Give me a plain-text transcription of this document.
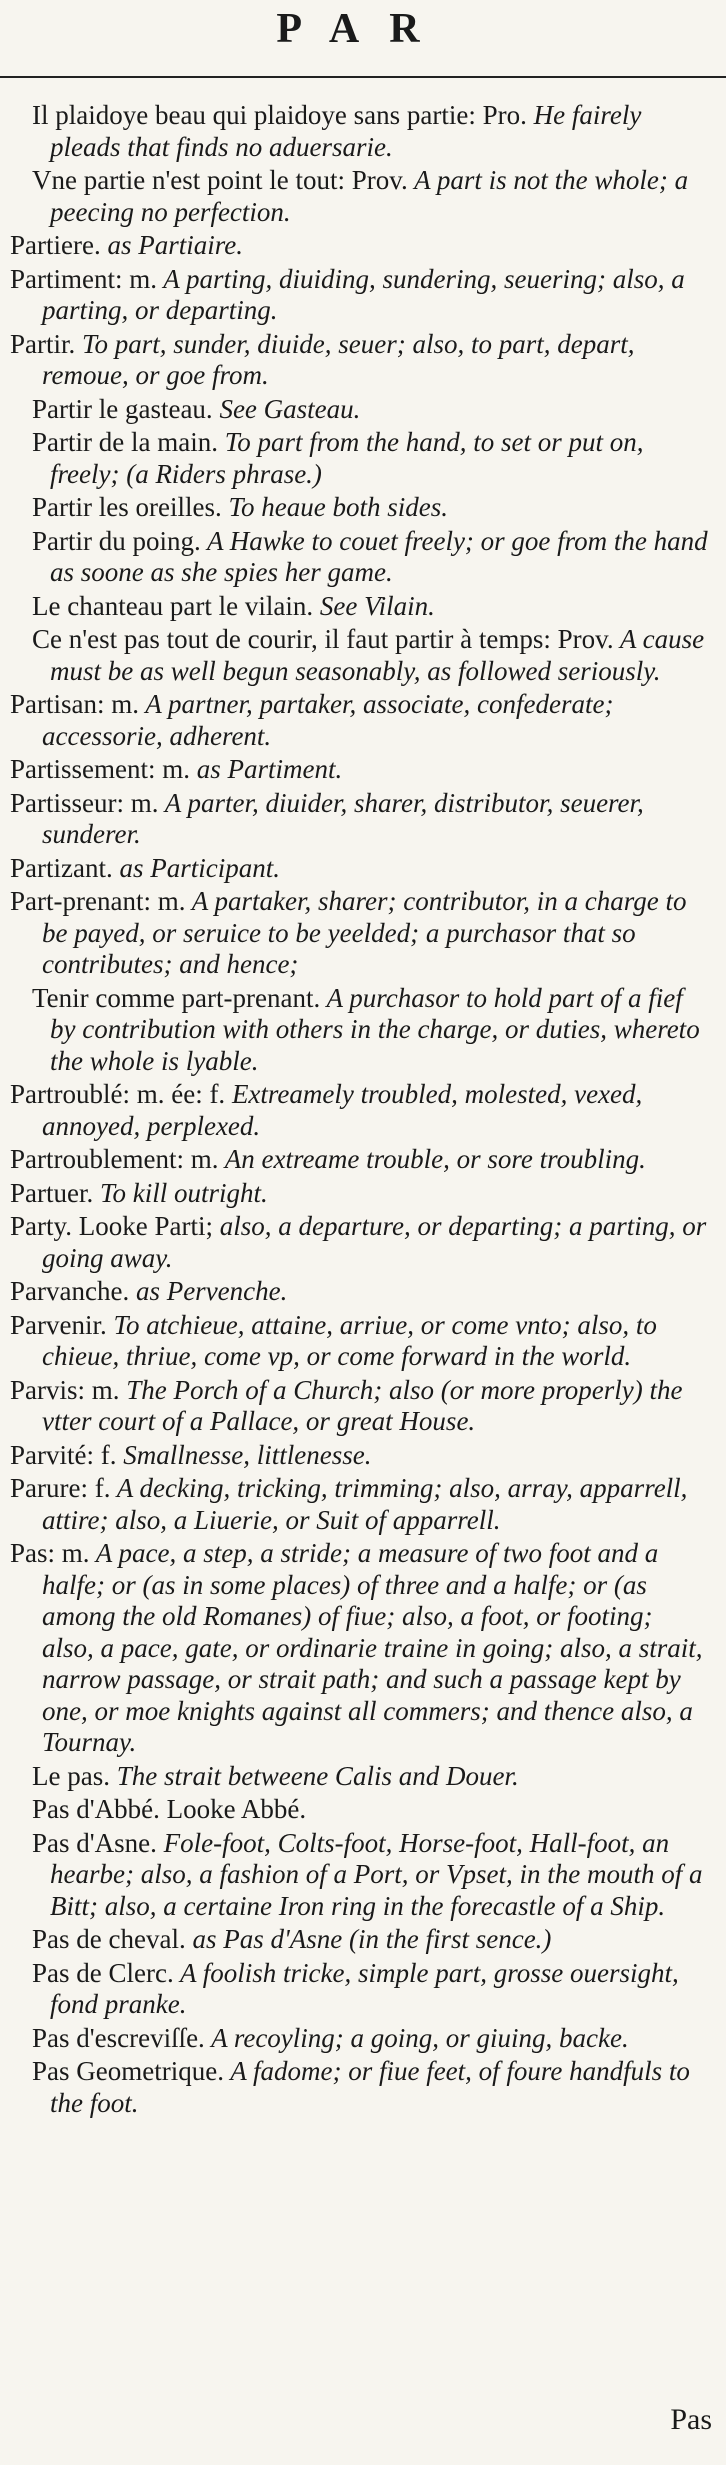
PAR
Il plaidoye beau qui plaidoye sans partie: Pro. He fairely pleads that finds no aduersarie.
Vne partie n'est point le tout: Prov. A part is not the whole; a peecing no perfection.
Partiere. as Partiaire.
Partiment: m. A parting, diuiding, sundering, seuering; also, a parting, or departing.
Partir. To part, sunder, diuide, seuer; also, to part, depart, remoue, or goe from.
Partir le gasteau. See Gasteau.
Partir de la main. To part from the hand, to set or put on, freely; (a Riders phrase.)
Partir les oreilles. To heaue both sides.
Partir du poing. A Hawke to couet freely; or goe from the hand as soone as she spies her game.
Le chanteau part le vilain. See Vilain.
Ce n'est pas tout de courir, il faut partir à temps: Prov. A cause must be as well begun seasonably, as followed seriously.
Partisan: m. A partner, partaker, associate, confederate; accessorie, adherent.
Partissement: m. as Partiment.
Partisseur: m. A parter, diuider, sharer, distributor, seuerer, sunderer.
Partizant. as Participant.
Part-prenant: m. A partaker, sharer; contributor, in a charge to be payed, or seruice to be yeelded; a purchasor that so contributes; and hence;
Tenir comme part-prenant. A purchasor to hold part of a fief by contribution with others in the charge, or duties, whereto the whole is lyable.
Partroublé: m. ée: f. Extreamely troubled, molested, vexed, annoyed, perplexed.
Partroublement: m. An extreame trouble, or sore troubling.
Partuer. To kill outright.
Party. Looke Parti; also, a departure, or departing; a parting, or going away.
Parvanche. as Pervenche.
Parvenir. To atchieue, attaine, arriue, or come vnto; also, to chieue, thriue, come vp, or come forward in the world.
Parvis: m. The Porch of a Church; also (or more properly) the vtter court of a Pallace, or great House.
Parvité: f. Smallnesse, littlenesse.
Parure: f. A decking, tricking, trimming; also, array, apparrell, attire; also, a Liuerie, or Suit of apparrell.
Pas: m. A pace, a step, a stride; a measure of two foot and a halfe; or (as in some places) of three and a halfe; or (as among the old Romanes) of fiue; also, a foot, or footing; also, a pace, gate, or ordinarie traine in going; also, a strait, narrow passage, or strait path; and such a passage kept by one, or moe knights against all commers; and thence also, a Tournay.
Le pas. The strait betweene Calis and Douer.
Pas d'Abbé. Looke Abbé.
Pas d'Asne. Fole-foot, Colts-foot, Horse-foot, Hall-foot, an hearbe; also, a fashion of a Port, or Vpset, in the mouth of a Bitt; also, a certaine Iron ring in the forecastle of a Ship.
Pas de cheval. as Pas d'Asne (in the first sence.)
Pas de Clerc. A foolish tricke, simple part, grosse ouersight, fond pranke.
Pas d'escreviſſe. A recoyling; a going, or giuing, backe.
Pas Geometrique. A fadome; or fiue feet, of foure handfuls to the foot.
Pas
